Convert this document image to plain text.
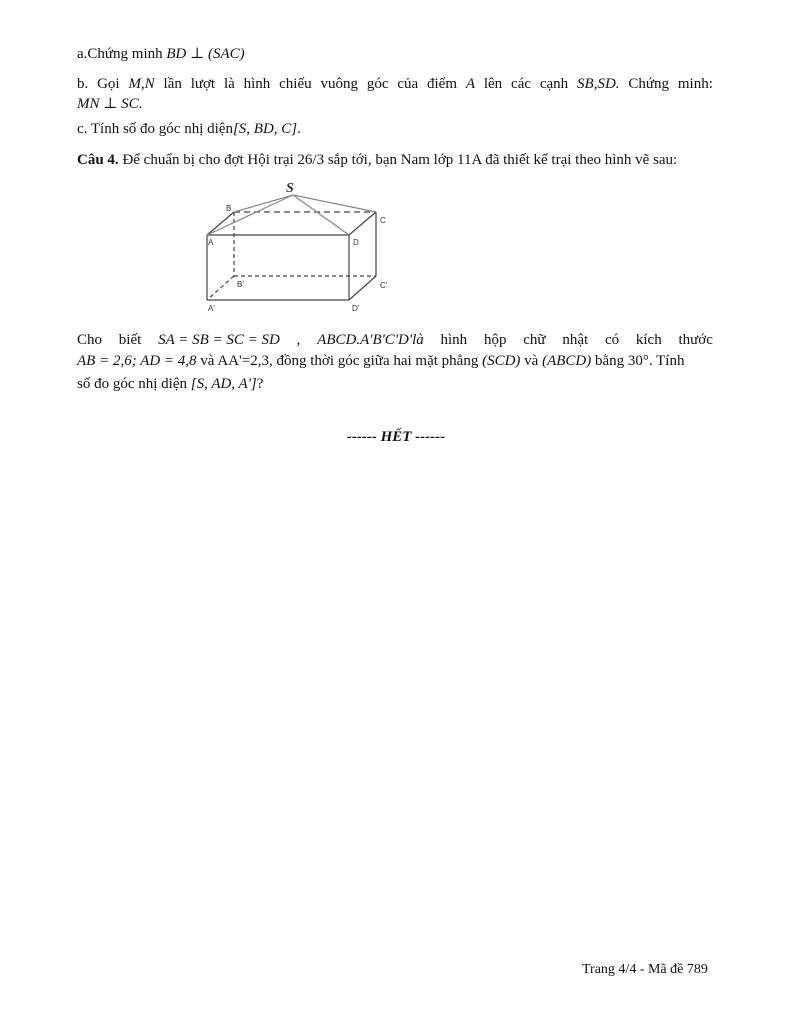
a.Chứng minh BD ⊥ (SAC)
b. Gọi M,N lần lượt là hình chiếu vuông góc của điểm A lên các cạnh SB,SD. Chứng minh:
MN ⊥ SC.
c. Tính số đo góc nhị diện[S, BD, C].
Câu 4. Để chuẩn bị cho đợt Hội trại 26/3 sắp tới, bạn Nam lớp 11A đã thiết kế trại theo hình vẽ sau:
S
B
C
A	D
B'	C'
A'	D'
Cho biết SA = SB = SC = SD , ABCD.A'B'C'D'là hình hộp chữ nhật có kích thước
AB = 2,6; AD = 4,8 và AA'=2,3, đồng thời góc giữa hai mặt phẳng (SCD) và (ABCD) bằng 30°. Tính
số đo góc nhị diện [S, AD, A']?
------ HẾT ------
Trang 4/4 - Mã đề 789
